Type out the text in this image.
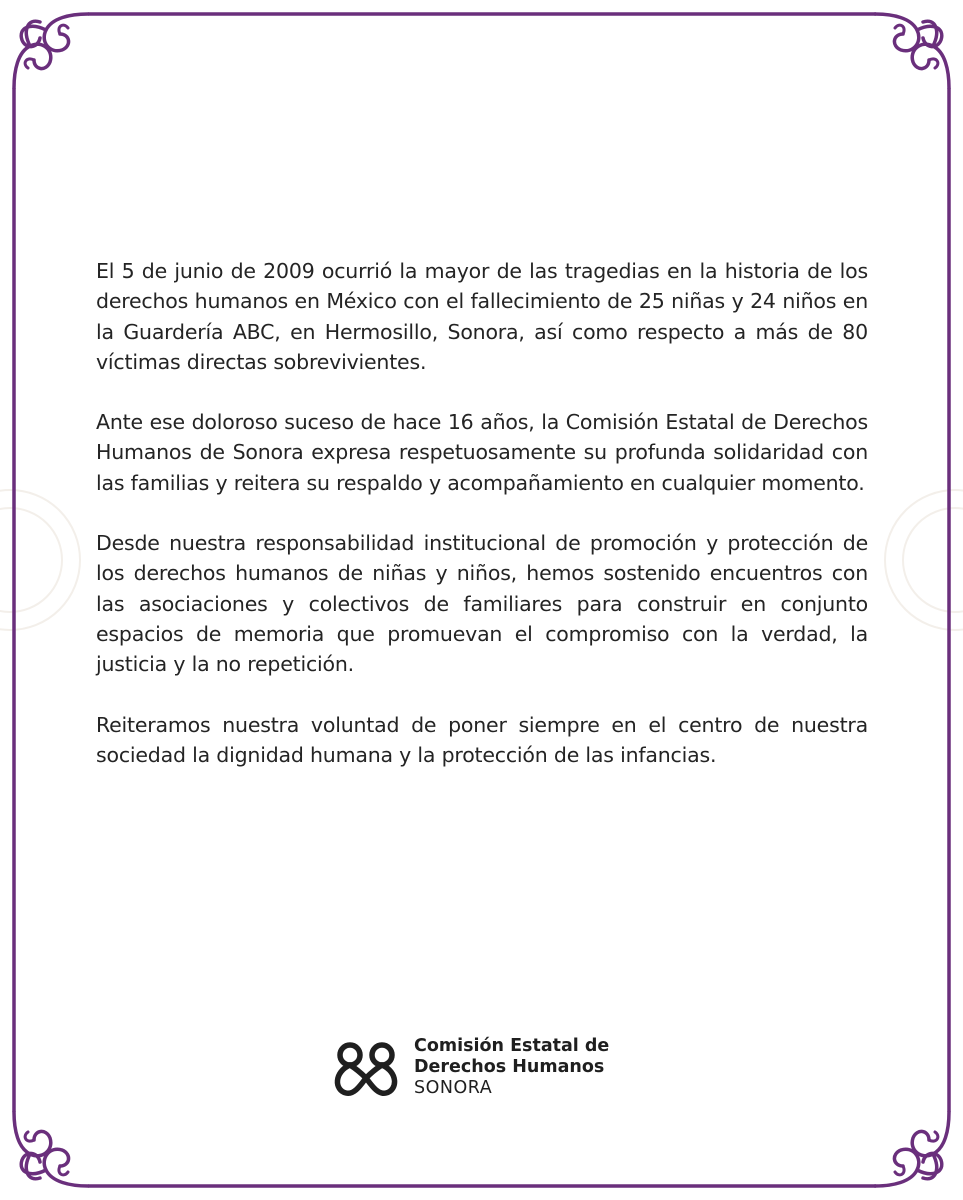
El 5 de junio de 2009 ocurrió la mayor de las tragedias en la historia de los derechos humanos en México con el fallecimiento de 25 niñas y 24 niños en la Guardería ABC, en Hermosillo, Sonora, así como respecto a más de 80 víctimas directas sobrevivientes.

Ante ese doloroso suceso de hace 16 años, la Comisión Estatal de Derechos Humanos de Sonora expresa respetuosamente su profunda solidaridad con las familias y reitera su respaldo y acompañamiento en cualquier momento.

Desde nuestra responsabilidad institucional de promoción y protección de los derechos humanos de niñas y niños, hemos sostenido encuentros con las asociaciones y colectivos de familiares para construir en conjunto espacios de memoria que promuevan el compromiso con la verdad, la justicia y la no repetición.

Reiteramos nuestra voluntad de poner siempre en el centro de nuestra sociedad la dignidad humana y la protección de las infancias.

Comisión Estatal de
Derechos Humanos
SONORA
